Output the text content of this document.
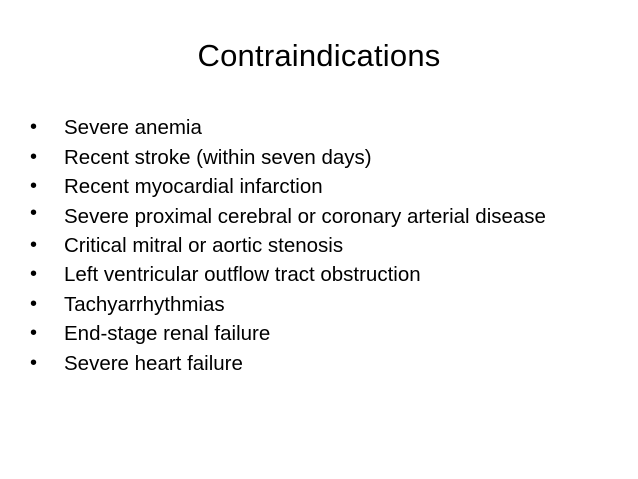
Contraindications
• Severe anemia
• Recent stroke (within seven days)
• Recent myocardial infarction
• Severe proximal cerebral or coronary arterial disease
• Critical mitral or aortic stenosis
• Left ventricular outflow tract obstruction
• Tachyarrhythmias
• End-stage renal failure
• Severe heart failure
